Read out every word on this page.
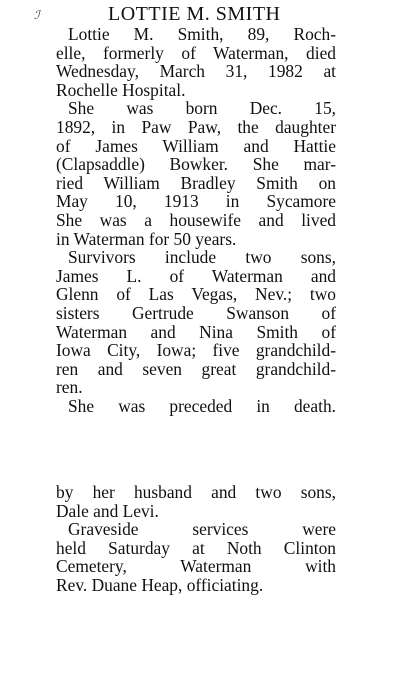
ℐ	LOTTIE M. SMITH
Lottie M. Smith, 89, Roch-
elle, formerly of Waterman, died
Wednesday, March 31, 1982 at
Rochelle Hospital.
She was born Dec. 15,
1892, in Paw Paw, the daughter
of James William and Hattie
(Clapsaddle) Bowker. She mar-
ried William Bradley Smith on
May 10, 1913 in Sycamore
She was a housewife and lived
in Waterman for 50 years.
Survivors include two sons,
James L. of Waterman and
Glenn of Las Vegas, Nev.; two
sisters Gertrude Swanson of
Waterman and Nina Smith of
Iowa City, Iowa; five grandchild-
ren and seven great grandchild-
ren.
She was preceded in death.
by her husband and two sons,
Dale and Levi.
Graveside services were
held Saturday at Noth Clinton
Cemetery, Waterman with
Rev. Duane Heap, officiating.
